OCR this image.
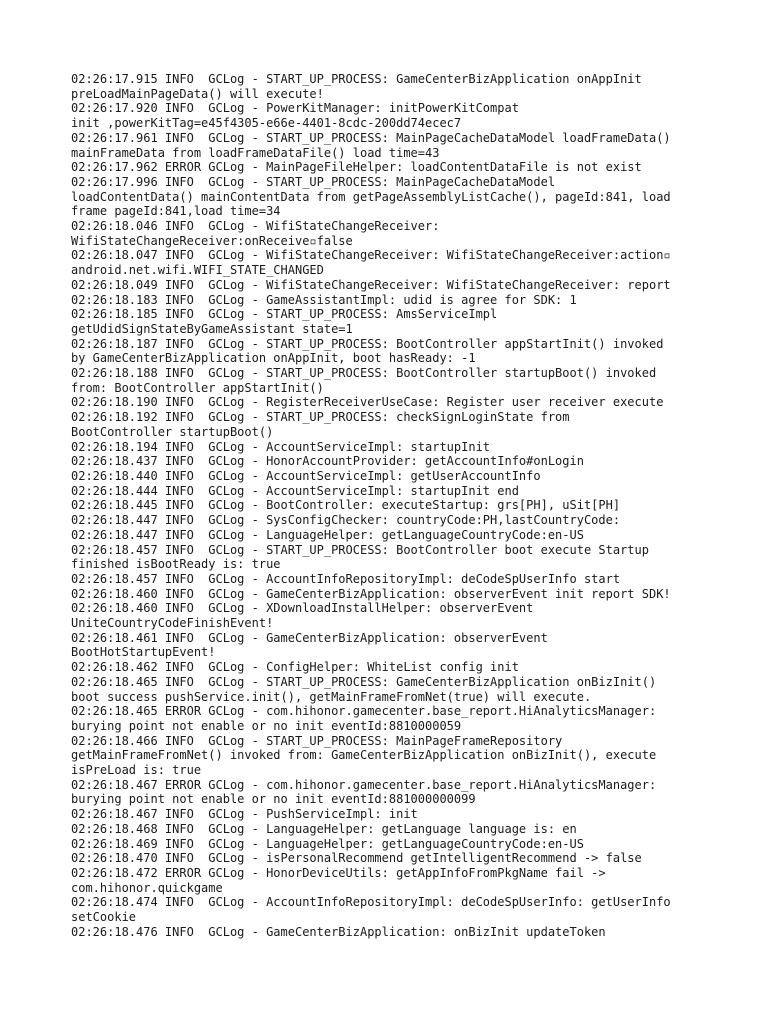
02:26:17.915 INFO  GCLog - START_UP_PROCESS: GameCenterBizApplication onAppInit
preLoadMainPageData() will execute!
02:26:17.920 INFO  GCLog - PowerKitManager: initPowerKitCompat
init ,powerKitTag=e45f4305-e66e-4401-8cdc-200dd74ecec7
02:26:17.961 INFO  GCLog - START_UP_PROCESS: MainPageCacheDataModel loadFrameData()
mainFrameData from loadFrameDataFile() load time=43
02:26:17.962 ERROR GCLog - MainPageFileHelper: loadContentDataFile is not exist
02:26:17.996 INFO  GCLog - START_UP_PROCESS: MainPageCacheDataModel
loadContentData() mainContentData from getPageAssemblyListCache(), pageId:841, load
frame pageId:841,load time=34
02:26:18.046 INFO  GCLog - WifiStateChangeReceiver:
WifiStateChangeReceiver:onReceive▫false
02:26:18.047 INFO  GCLog - WifiStateChangeReceiver: WifiStateChangeReceiver:action▫
android.net.wifi.WIFI_STATE_CHANGED
02:26:18.049 INFO  GCLog - WifiStateChangeReceiver: WifiStateChangeReceiver: report
02:26:18.183 INFO  GCLog - GameAssistantImpl: udid is agree for SDK: 1
02:26:18.185 INFO  GCLog - START_UP_PROCESS: AmsServiceImpl
getUdidSignStateByGameAssistant state=1
02:26:18.187 INFO  GCLog - START_UP_PROCESS: BootController appStartInit() invoked
by GameCenterBizApplication onAppInit, boot hasReady: -1
02:26:18.188 INFO  GCLog - START_UP_PROCESS: BootController startupBoot() invoked
from: BootController appStartInit()
02:26:18.190 INFO  GCLog - RegisterReceiverUseCase: Register user receiver execute
02:26:18.192 INFO  GCLog - START_UP_PROCESS: checkSignLoginState from
BootController startupBoot()
02:26:18.194 INFO  GCLog - AccountServiceImpl: startupInit
02:26:18.437 INFO  GCLog - HonorAccountProvider: getAccountInfo#onLogin
02:26:18.440 INFO  GCLog - AccountServiceImpl: getUserAccountInfo
02:26:18.444 INFO  GCLog - AccountServiceImpl: startupInit end
02:26:18.445 INFO  GCLog - BootController: executeStartup: grs[PH], uSit[PH]
02:26:18.447 INFO  GCLog - SysConfigChecker: countryCode:PH,lastCountryCode:
02:26:18.447 INFO  GCLog - LanguageHelper: getLanguageCountryCode:en-US
02:26:18.457 INFO  GCLog - START_UP_PROCESS: BootController boot execute Startup
finished isBootReady is: true
02:26:18.457 INFO  GCLog - AccountInfoRepositoryImpl: deCodeSpUserInfo start
02:26:18.460 INFO  GCLog - GameCenterBizApplication: observerEvent init report SDK!
02:26:18.460 INFO  GCLog - XDownloadInstallHelper: observerEvent
UniteCountryCodeFinishEvent!
02:26:18.461 INFO  GCLog - GameCenterBizApplication: observerEvent
BootHotStartupEvent!
02:26:18.462 INFO  GCLog - ConfigHelper: WhiteList config init
02:26:18.465 INFO  GCLog - START_UP_PROCESS: GameCenterBizApplication onBizInit()
boot success pushService.init(), getMainFrameFromNet(true) will execute.
02:26:18.465 ERROR GCLog - com.hihonor.gamecenter.base_report.HiAnalyticsManager:
burying point not enable or no init eventId:8810000059
02:26:18.466 INFO  GCLog - START_UP_PROCESS: MainPageFrameRepository
getMainFrameFromNet() invoked from: GameCenterBizApplication onBizInit(), execute
isPreLoad is: true
02:26:18.467 ERROR GCLog - com.hihonor.gamecenter.base_report.HiAnalyticsManager:
burying point not enable or no init eventId:881000000099
02:26:18.467 INFO  GCLog - PushServiceImpl: init
02:26:18.468 INFO  GCLog - LanguageHelper: getLanguage language is: en
02:26:18.469 INFO  GCLog - LanguageHelper: getLanguageCountryCode:en-US
02:26:18.470 INFO  GCLog - isPersonalRecommend getIntelligentRecommend -> false
02:26:18.472 ERROR GCLog - HonorDeviceUtils: getAppInfoFromPkgName fail ->
com.hihonor.quickgame
02:26:18.474 INFO  GCLog - AccountInfoRepositoryImpl: deCodeSpUserInfo: getUserInfo
setCookie
02:26:18.476 INFO  GCLog - GameCenterBizApplication: onBizInit updateToken
